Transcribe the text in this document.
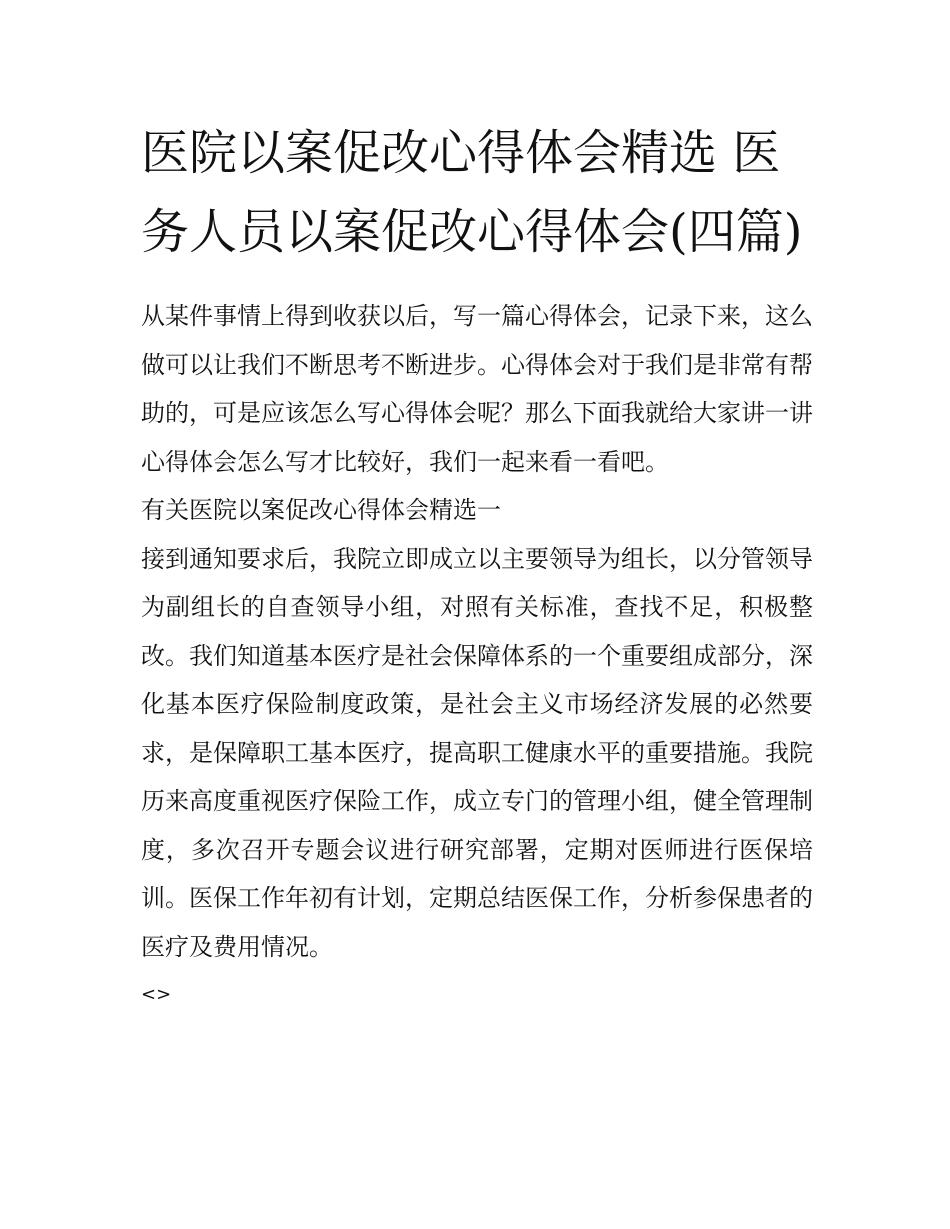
医院以案促改心得体会精选 医务人员以案促改心得体会(四篇)

从某件事情上得到收获以后，写一篇心得体会，记录下来，这么做可以让我们不断思考不断进步。心得体会对于我们是非常有帮助的，可是应该怎么写心得体会呢？那么下面我就给大家讲一讲心得体会怎么写才比较好，我们一起来看一看吧。

有关医院以案促改心得体会精选一

接到通知要求后，我院立即成立以主要领导为组长，以分管领导为副组长的自查领导小组，对照有关标准，查找不足，积极整改。我们知道基本医疗是社会保障体系的一个重要组成部分，深化基本医疗保险制度政策，是社会主义市场经济发展的必然要求，是保障职工基本医疗，提高职工健康水平的重要措施。我院历来高度重视医疗保险工作，成立专门的管理小组，健全管理制度，多次召开专题会议进行研究部署，定期对医师进行医保培训。医保工作年初有计划，定期总结医保工作，分析参保患者的医疗及费用情况。

<>
